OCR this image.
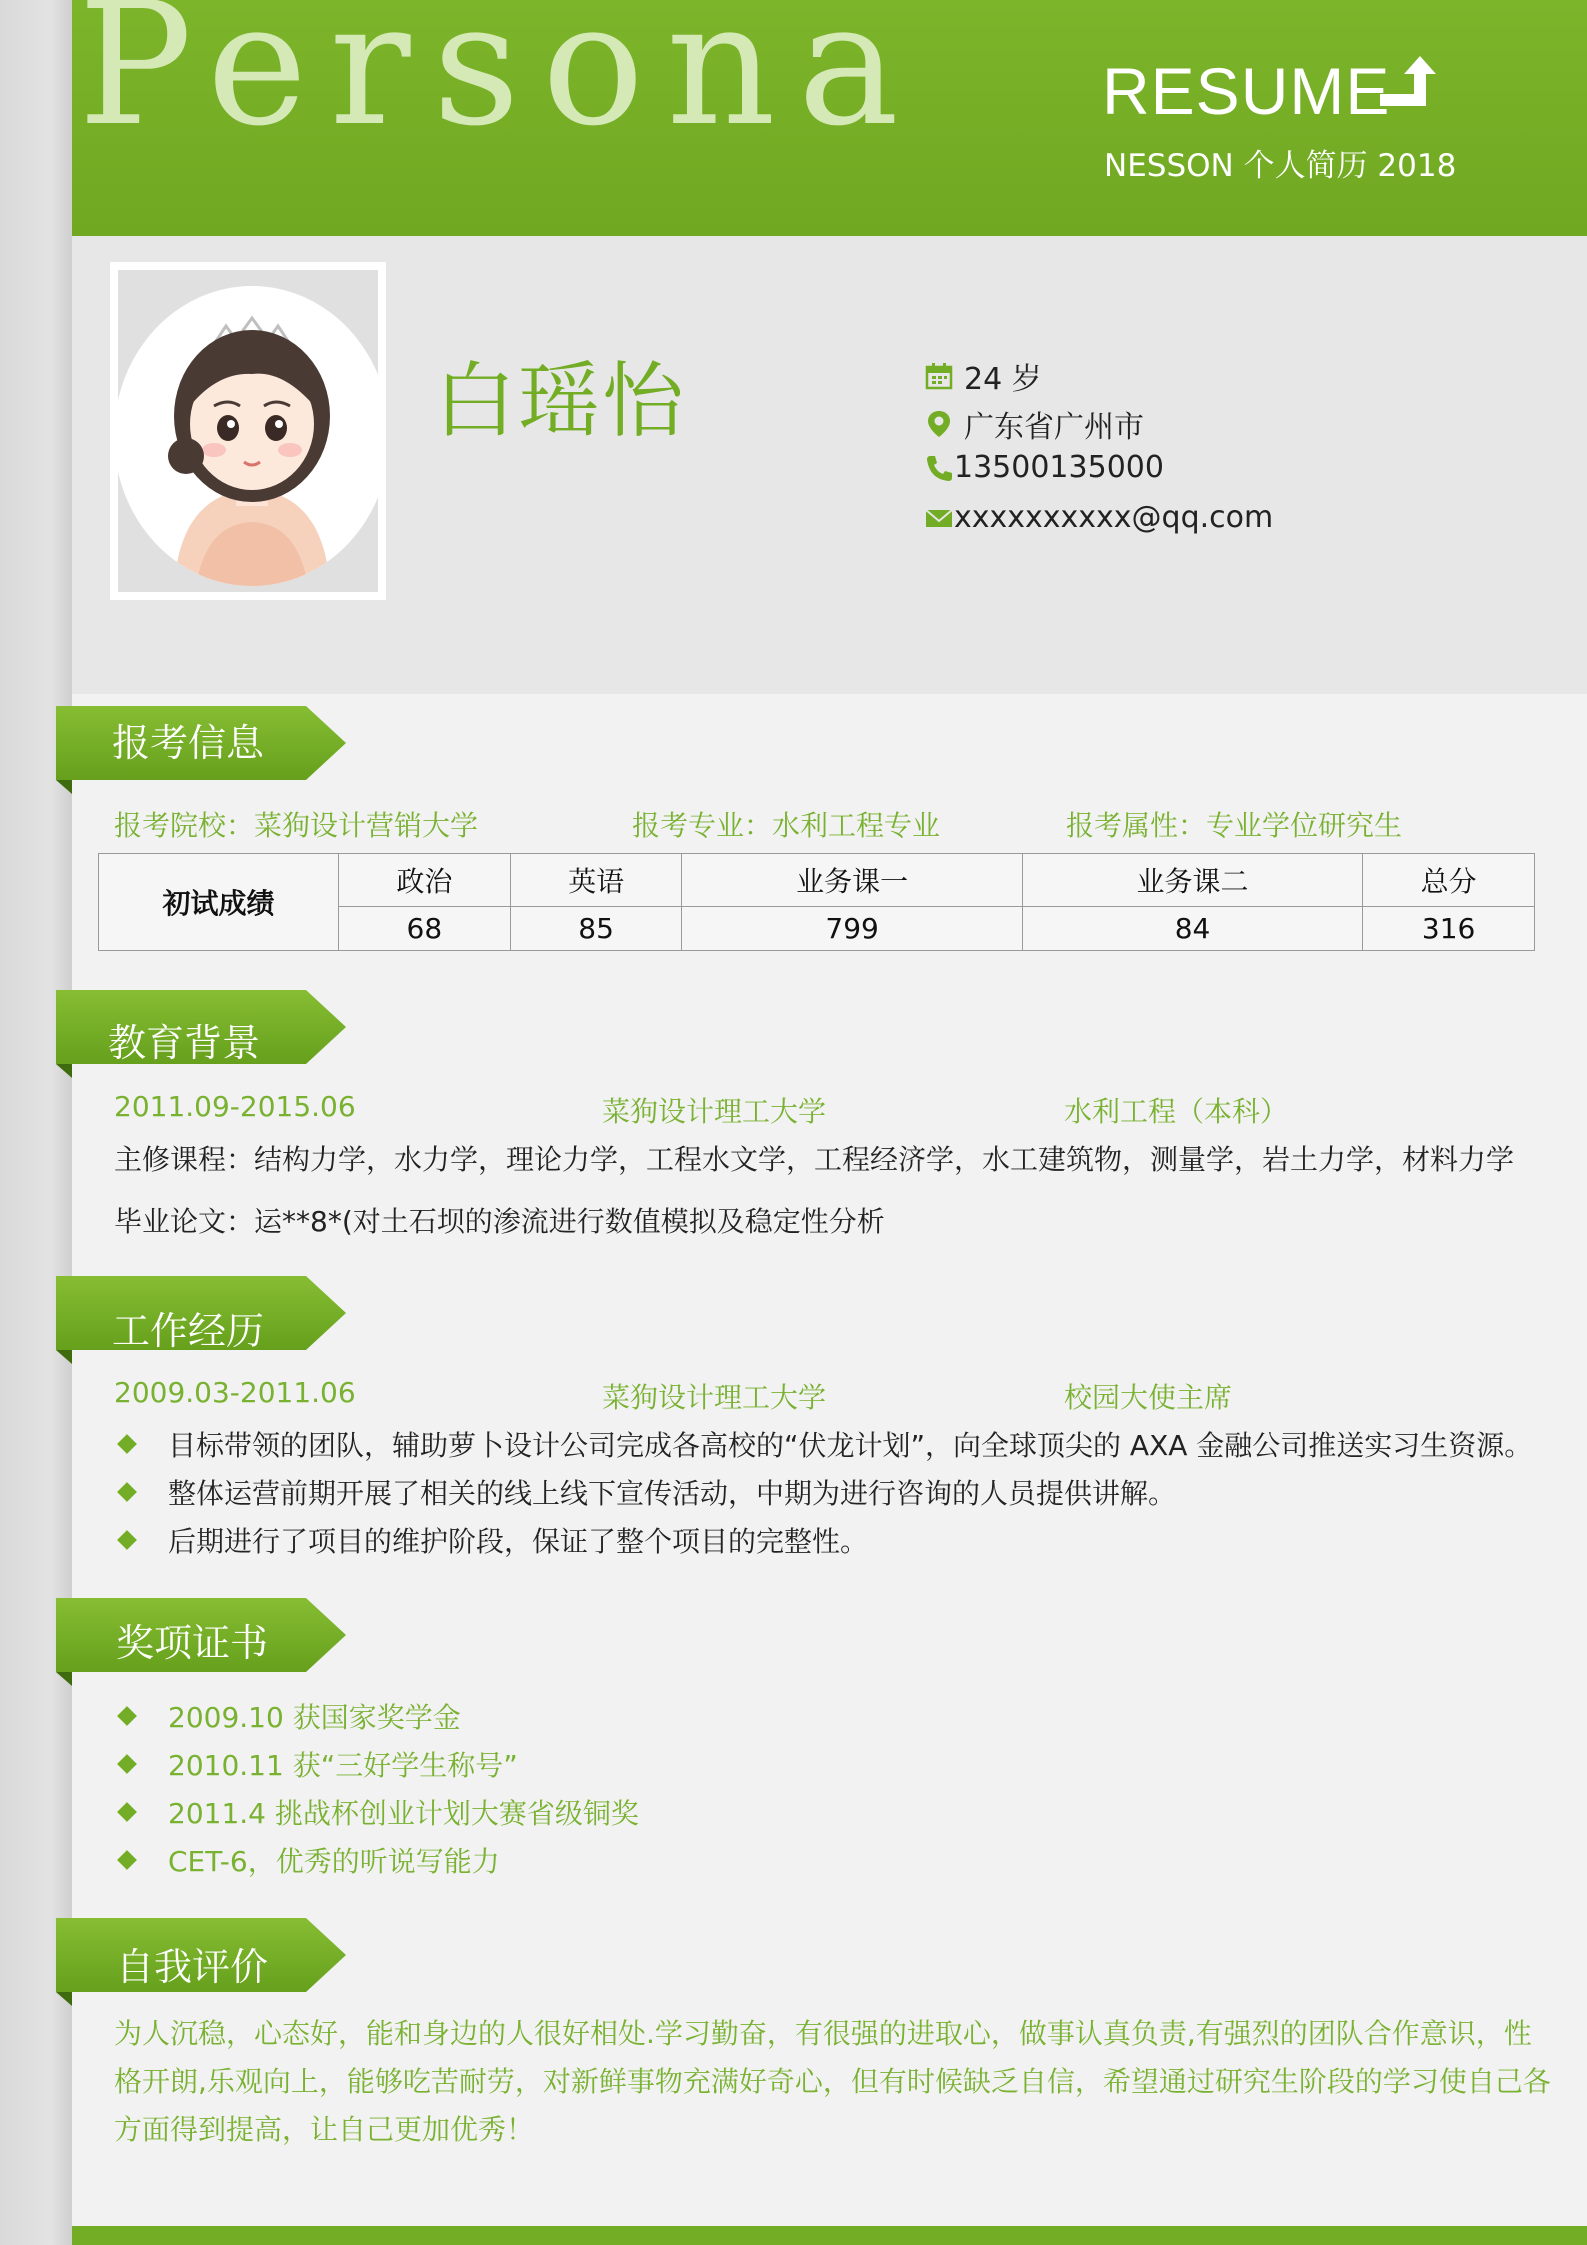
Persona	RESUME
NESSON 个人简历 2018
白瑶怡	24 岁
广东省广州市
13500135000
xxxxxxxxxx@qq.com
报考信息
报考院校：菜狗设计营销大学	报考专业：水利工程专业	报考属性：专业学位研究生
初试成绩	政治	英语	业务课一	业务课二	总分
	68	85	799	84	316
教育背景
2011.09-2015.06	菜狗设计理工大学	水利工程（本科）
主修课程：结构力学，水力学，理论力学，工程水文学，工程经济学，水工建筑物，测量学，岩土力学，材料力学
毕业论文：运**8*(对土石坝的渗流进行数值模拟及稳定性分析
工作经历
2009.03-2011.06	菜狗设计理工大学	校园大使主席
目标带领的团队，辅助萝卜设计公司完成各高校的“伏龙计划”，向全球顶尖的 AXA 金融公司推送实习生资源。
整体运营前期开展了相关的线上线下宣传活动，中期为进行咨询的人员提供讲解。
后期进行了项目的维护阶段，保证了整个项目的完整性。
奖项证书
2009.10 获国家奖学金
2010.11 获“三好学生称号”
2011.4 挑战杯创业计划大赛省级铜奖
CET-6，优秀的听说写能力
自我评价
为人沉稳，心态好，能和身边的人很好相处.学习勤奋，有很强的进取心，做事认真负责,有强烈的团队合作意识，性格开朗,乐观向上，能够吃苦耐劳，对新鲜事物充满好奇心，但有时候缺乏自信，希望通过研究生阶段的学习使自己各方面得到提高，让自己更加优秀！
